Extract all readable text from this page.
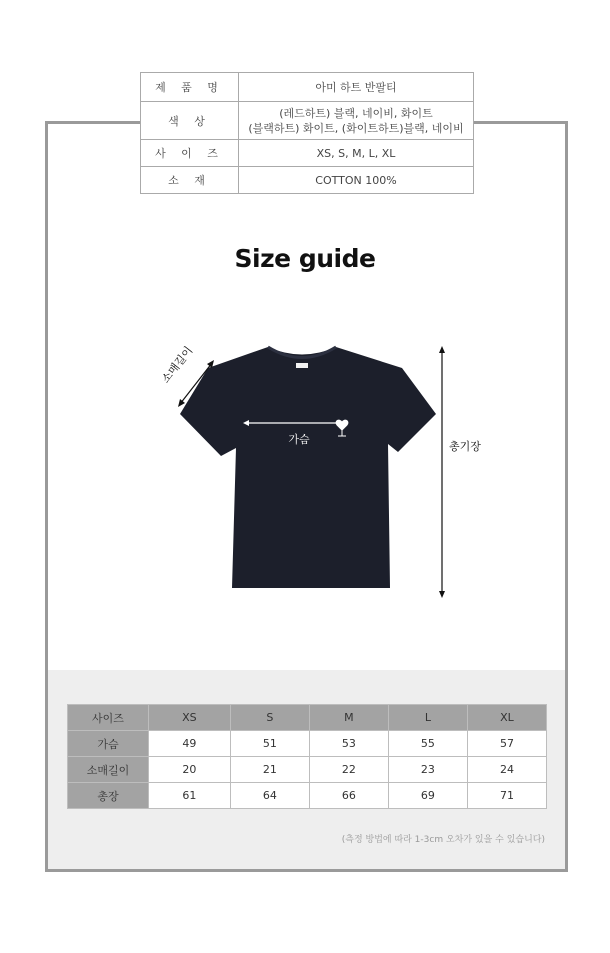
제 품 명	아미 하트 반팔티
색 상	(레드하트) 블랙, 네이비, 화이트
(블랙하트) 화이트, (화이트하트)블랙, 네이비

사 이 즈	XS, S, M, L, XL
소 재	COTTON 100%
Size guide
가슴
소매길이
총기장
사이즈	XS	S	M	L	XL
가슴	49	51	53	55	57
소매길이	20	21	22	23	24
총장	61	64	66	69	71
(측정 방법에 따라 1-3cm 오차가 있을 수 있습니다)
